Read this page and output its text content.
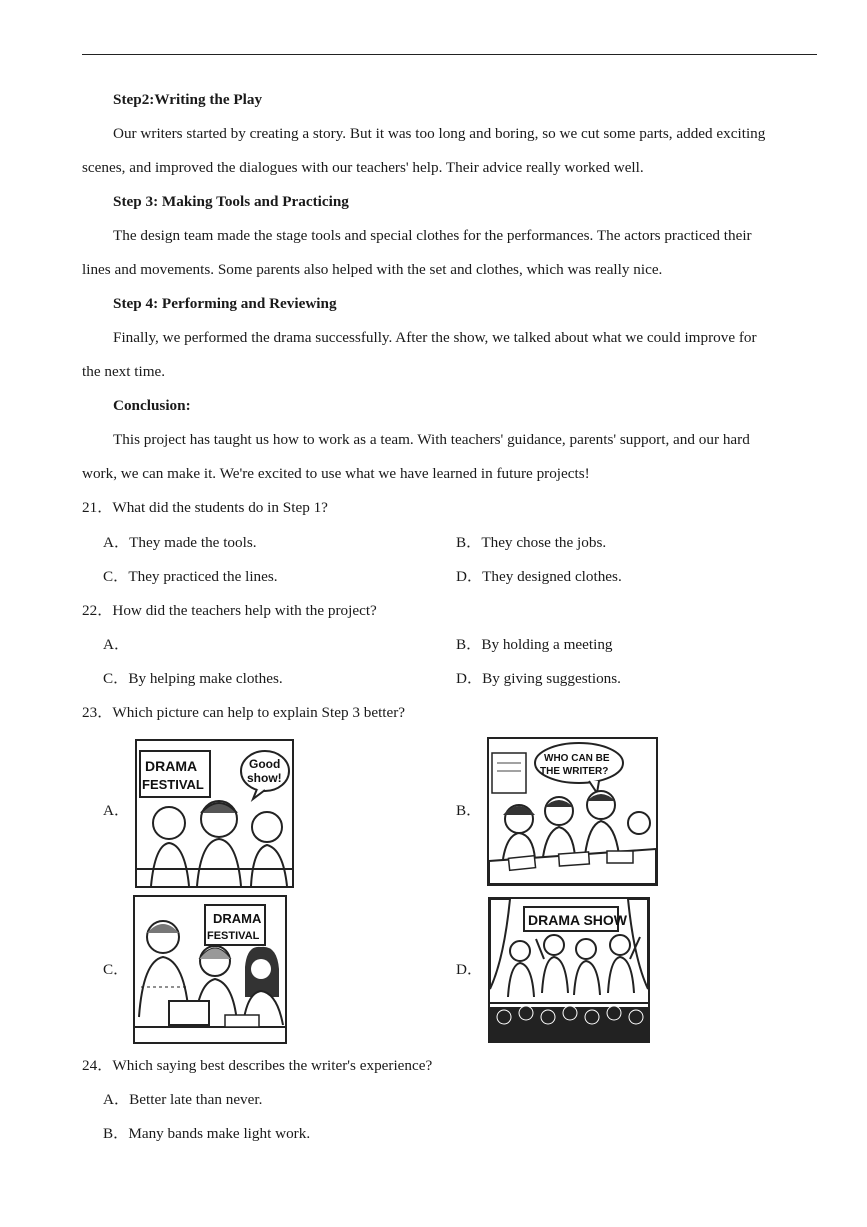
Step2:Writing the Play
Our writers started by creating a story. But it was too long and boring, so we cut some parts, added exciting
scenes, and improved the dialogues with our teachers' help. Their advice really worked well.
Step 3: Making Tools and Practicing
The design team made the stage tools and special clothes for the performances. The actors practiced their
lines and movements. Some parents also helped with the set and clothes, which was really nice.
Step 4: Performing and Reviewing
Finally, we performed the drama successfully. After the show, we talked about what we could improve for
the next time.
Conclusion:
This project has taught us how to work as a team. With teachers' guidance, parents' support, and our hard
work, we can make it. We're excited to use what we have learned in future projects!
21．What did the students do in Step 1?
A．They made the tools.	B．They chose the jobs.
C．They practiced the lines.	D．They designed clothes.
22．How did the teachers help with the project?
A．	B．By holding a meeting
C．By helping make clothes.	D．By giving suggestions.
23．Which picture can help to explain Step 3 better?
A．
DRAMA
FESTIVAL
Good
show!
B．
WHO CAN BE
THE WRITER?
C．
DRAMA
FESTIVAL
D．
DRAMA SHOW
24．Which saying best describes the writer's experience?
A．Better late than never.
B．Many bands make light work.
